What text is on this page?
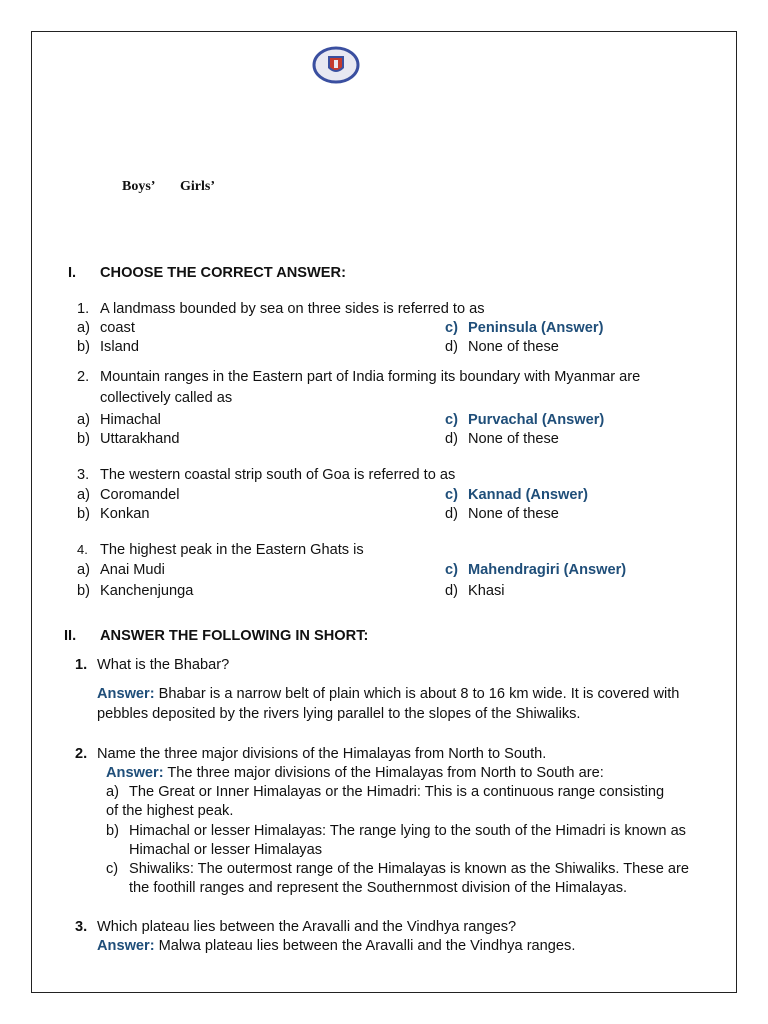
Boys’ Girls’
I. CHOOSE THE CORRECT ANSWER:
1. A landmass bounded by sea on three sides is referred to as
a) coast	c) Peninsula (Answer)
b) Island	d) None of these
2. Mountain ranges in the Eastern part of India forming its boundary with Myanmar are
collectively called as
a) Himachal	c) Purvachal (Answer)
b) Uttarakhand	d) None of these
3. The western coastal strip south of Goa is referred to as
a) Coromandel	c) Kannad (Answer)
b) Konkan	d) None of these
4. The highest peak in the Eastern Ghats is
a) Anai Mudi	c) Mahendragiri (Answer)
b) Kanchenjunga	d) Khasi
II. ANSWER THE FOLLOWING IN SHORT:
1. What is the Bhabar?
Answer: Bhabar is a narrow belt of plain which is about 8 to 16 km wide. It is covered with
pebbles deposited by the rivers lying parallel to the slopes of the Shiwaliks.
2. Name the three major divisions of the Himalayas from North to South.
Answer: The three major divisions of the Himalayas from North to South are:
a) The Great or Inner Himalayas or the Himadri: This is a continuous range consisting
of the highest peak.
b) Himachal or lesser Himalayas: The range lying to the south of the Himadri is known as
Himachal or lesser Himalayas
c) Shiwaliks: The outermost range of the Himalayas is known as the Shiwaliks. These are
the foothill ranges and represent the Southernmost division of the Himalayas.
3. Which plateau lies between the Aravalli and the Vindhya ranges?
Answer: Malwa plateau lies between the Aravalli and the Vindhya ranges.
